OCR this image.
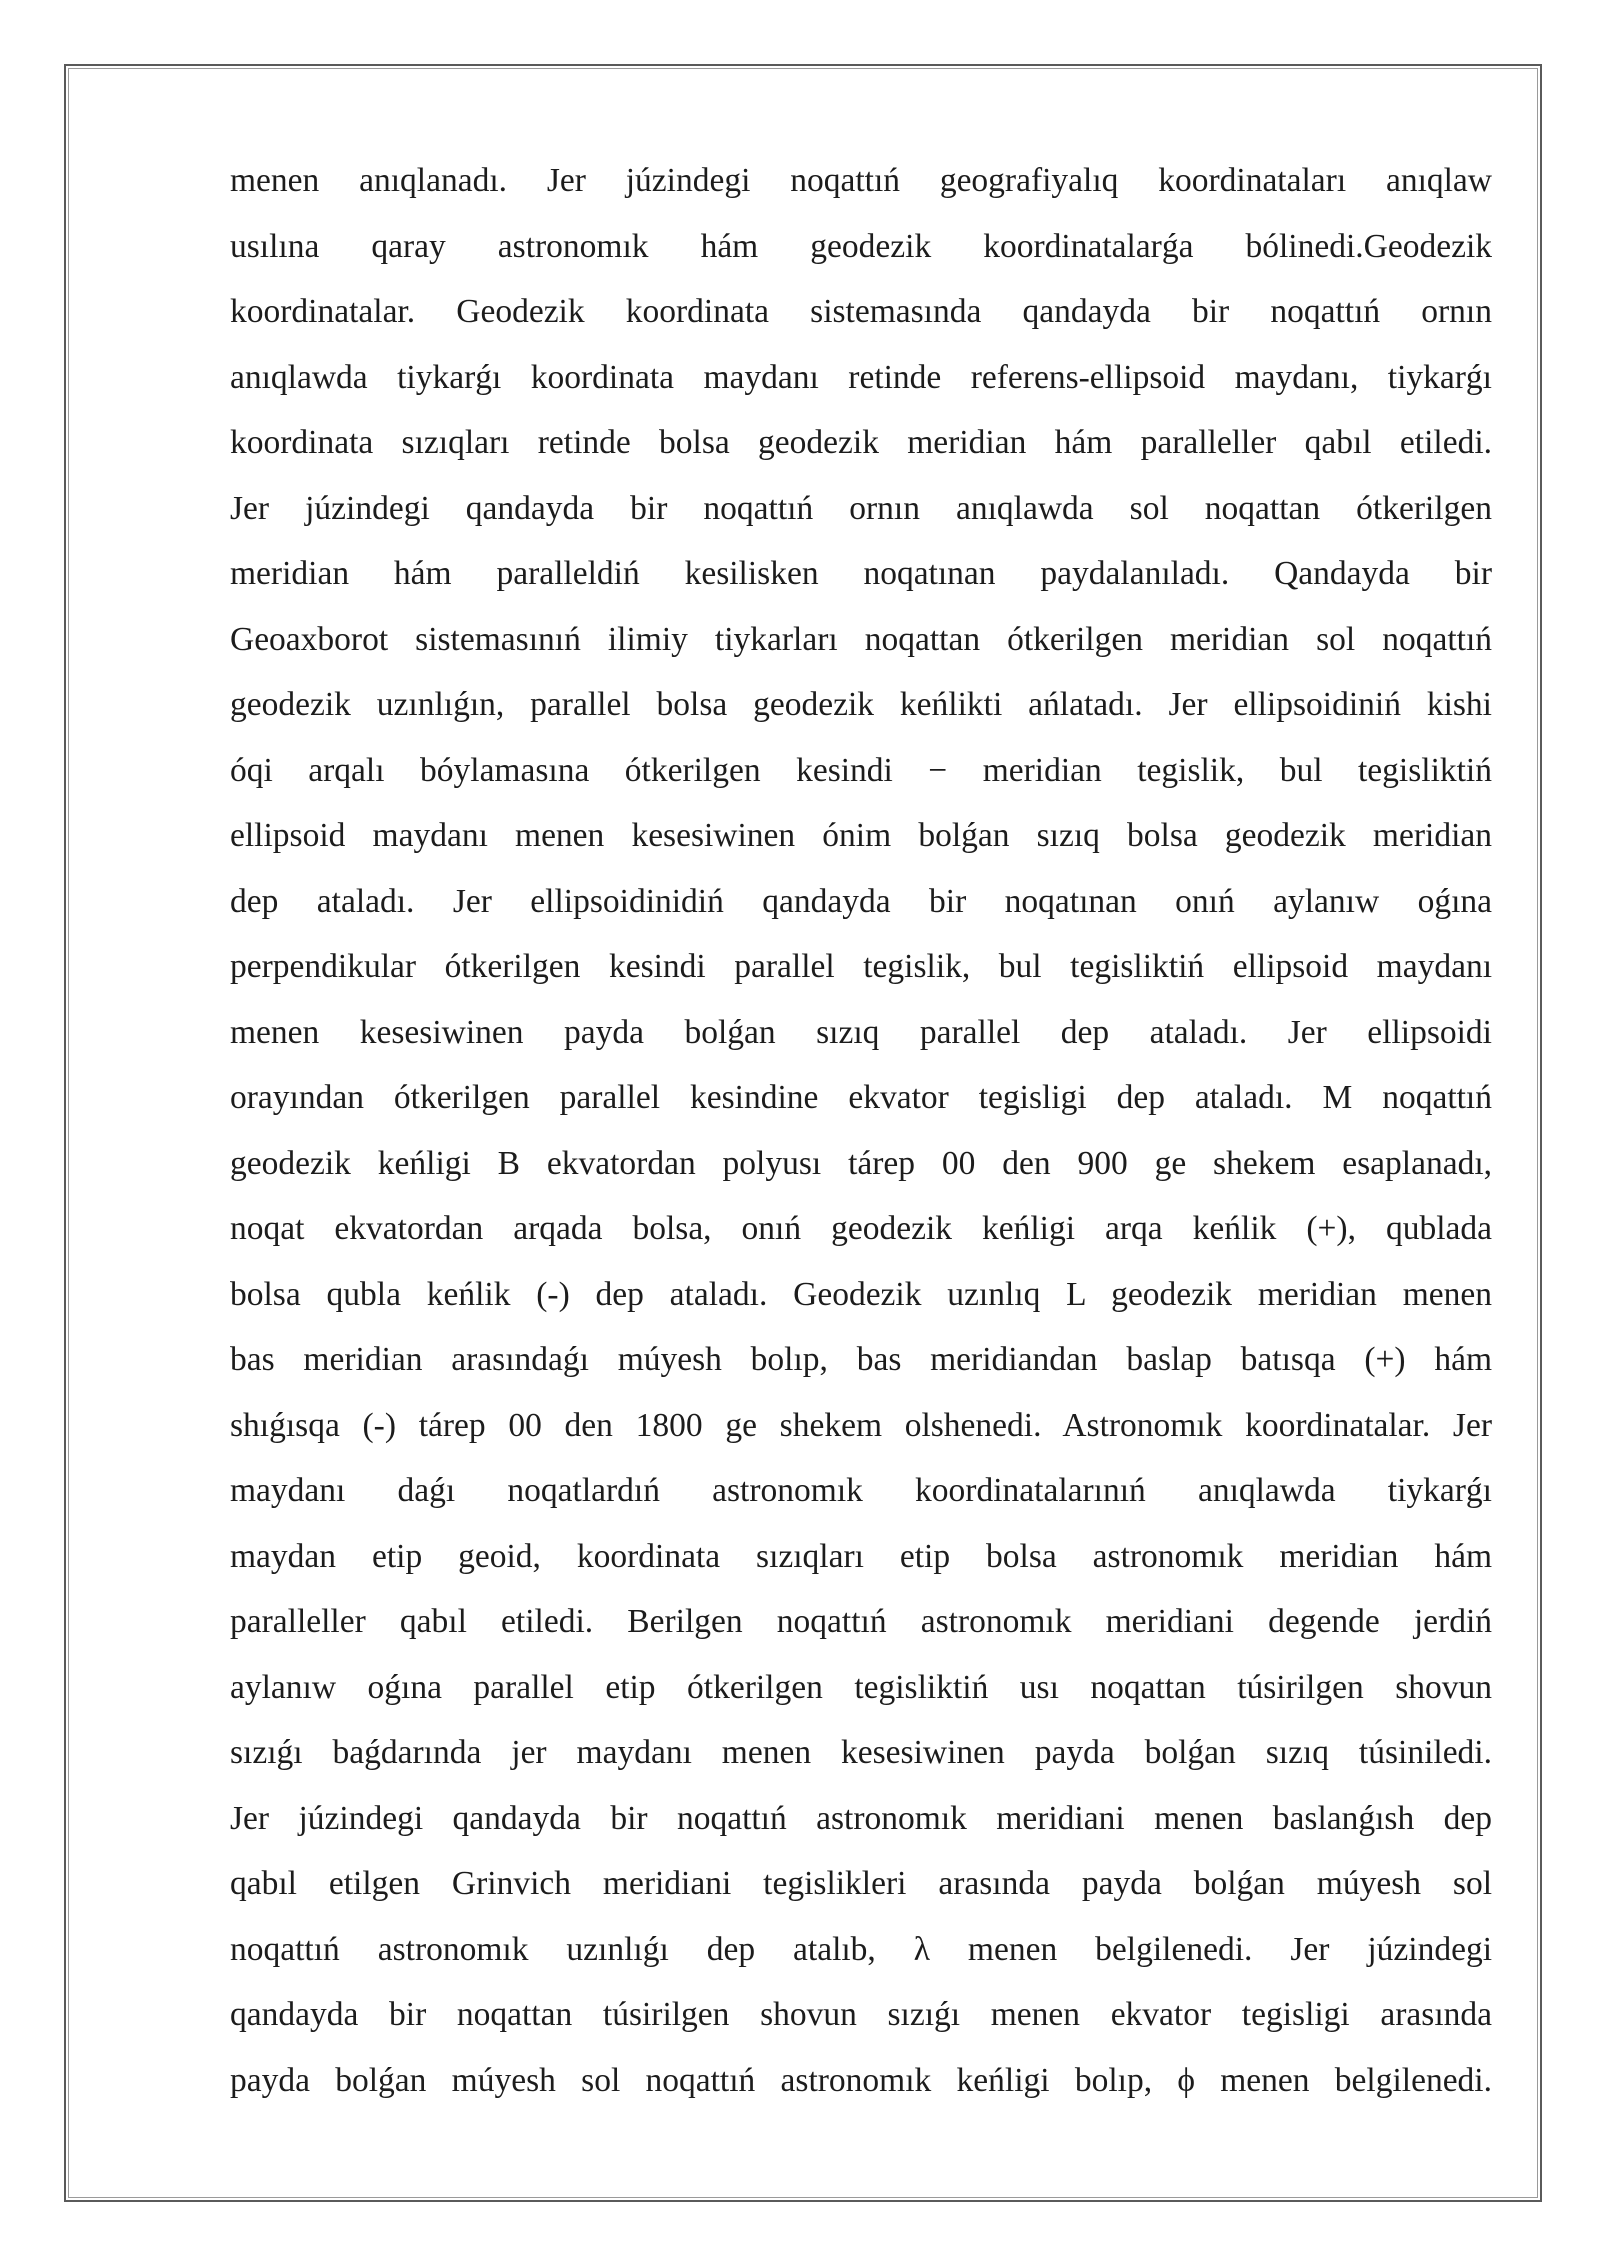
menen anıqlanadı. Jer júzindegi noqattıń geografiyalıq koordinataları anıqlaw
usılına qaray astronomık hám geodezik koordinatalarǵa bólinedi.Geodezik
koordinatalar. Geodezik koordinata sistemasında qandayda bir noqattıń ornın
anıqlawda tiykarǵı koordinata maydanı retinde referens-ellipsoid maydanı, tiykarǵı
koordinata sızıqları retinde bolsa geodezik meridian hám paralleller qabıl etiledi.
Jer júzindegi qandayda bir noqattıń ornın anıqlawda sol noqattan ótkerilgen
meridian hám paralleldiń kesilisken noqatınan paydalanıladı. Qandayda bir
Geoaxborot sistemasınıń ilimiy tiykarları noqattan ótkerilgen meridian sol noqattıń
geodezik uzınlıǵın, parallel bolsa geodezik keńlikti ańlatadı. Jer ellipsoidiniń kishi
óqi arqalı bóylamasına ótkerilgen kesindi − meridian tegislik, bul tegisliktiń
ellipsoid maydanı menen kesesiwinen ónim bolǵan sızıq bolsa geodezik meridian
dep ataladı. Jer ellipsoidinidiń qandayda bir noqatınan onıń aylanıw oǵına
perpendikular ótkerilgen kesindi parallel tegislik, bul tegisliktiń ellipsoid maydanı
menen kesesiwinen payda bolǵan sızıq parallel dep ataladı. Jer ellipsoidi
orayından ótkerilgen parallel kesindine ekvator tegisligi dep ataladı. M noqattıń
geodezik keńligi B ekvatordan polyusı tárep 00 den 900 ge shekem esaplanadı,
noqat ekvatordan arqada bolsa, onıń geodezik keńligi arqa keńlik (+), qublada
bolsa qubla keńlik (-) dep ataladı. Geodezik uzınlıq L geodezik meridian menen
bas meridian arasındaǵı múyesh bolıp, bas meridiandan baslap batısqa (+) hám
shıǵısqa (-) tárep 00 den 1800 ge shekem olshenedi. Astronomık koordinatalar. Jer
maydanı daǵı noqatlardıń astronomık koordinatalarınıń anıqlawda tiykarǵı
maydan etip geoid, koordinata sızıqları etip bolsa astronomık meridian hám
paralleller qabıl etiledi. Berilgen noqattıń astronomık meridiani degende jerdiń
aylanıw oǵına parallel etip ótkerilgen tegisliktiń usı noqattan túsirilgen shovun
sızıǵı baǵdarında jer maydanı menen kesesiwinen payda bolǵan sızıq túsiniledi.
Jer júzindegi qandayda bir noqattıń astronomık meridiani menen baslanǵısh dep
qabıl etilgen Grinvich meridiani tegislikleri arasında payda bolǵan múyesh sol
noqattıń astronomık uzınlıǵı dep atalıb, λ menen belgilenedi. Jer júzindegi
qandayda bir noqattan túsirilgen shovun sızıǵı menen ekvator tegisligi arasında
payda bolǵan múyesh sol noqattıń astronomık keńligi bolıp, ϕ menen belgilenedi.
